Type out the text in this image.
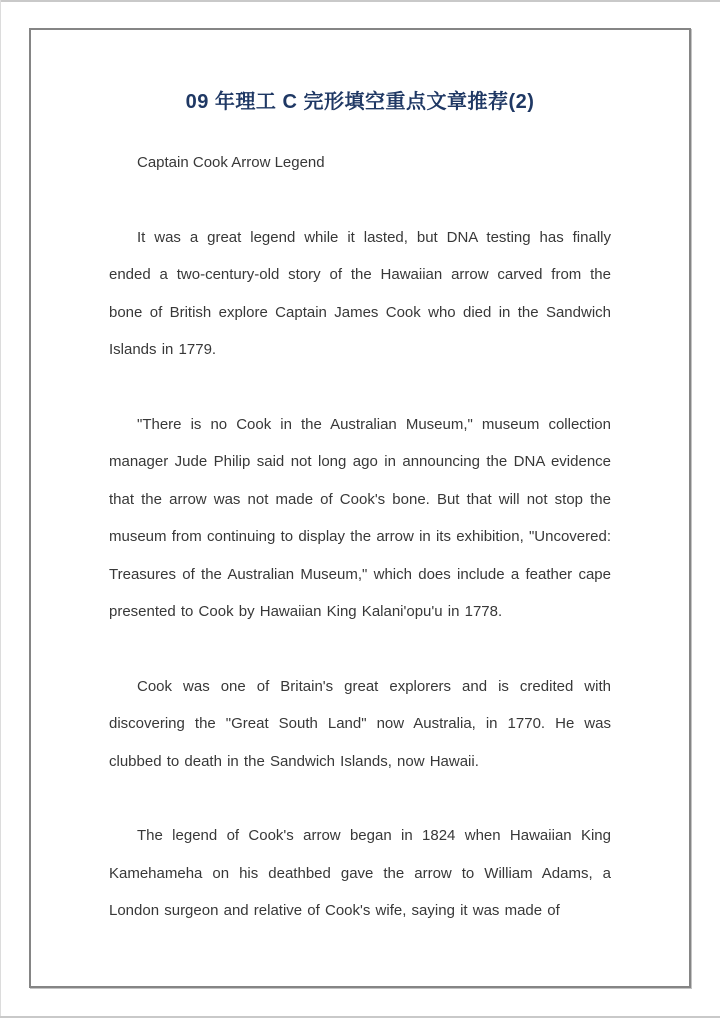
09 年理工 C 完形填空重点文章推荐(2)

Captain Cook Arrow Legend

It was a great legend while it lasted, but DNA testing has finally ended a two-century-old story of the Hawaiian arrow carved from the bone of British explore Captain James Cook who died in the Sandwich Islands in 1779.

"There is no Cook in the Australian Museum," museum collection manager Jude Philip said not long ago in announcing the DNA evidence that the arrow was not made of Cook's bone. But that will not stop the museum from continuing to display the arrow in its exhibition, "Uncovered: Treasures of the Australian Museum," which does include a feather cape presented to Cook by Hawaiian King Kalani'opu'u in 1778.

Cook was one of Britain's great explorers and is credited with discovering the "Great South Land" now Australia, in 1770. He was clubbed to death in the Sandwich Islands, now Hawaii.

The legend of Cook's arrow began in 1824 when Hawaiian King Kamehameha on his deathbed gave the arrow to William Adams, a London surgeon and relative of Cook's wife, saying it was made of
